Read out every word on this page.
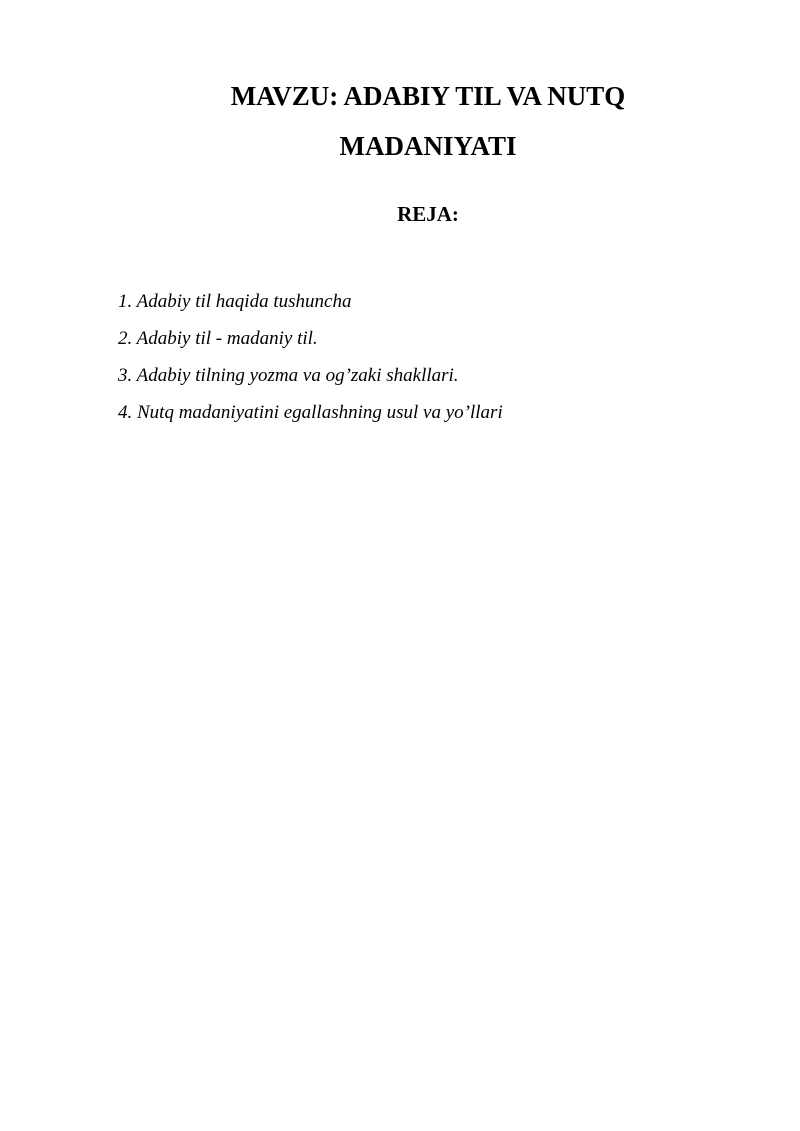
MAVZU: ADABIY TIL VA NUTQ
MADANIYATI
REJA:
1. Adabiy til haqida tushuncha
2. Adabiy til - madaniy til.
3. Adabiy tilning yozma va og’zaki shakllari.
4. Nutq madaniyatini egallashning usul va yo’llari
